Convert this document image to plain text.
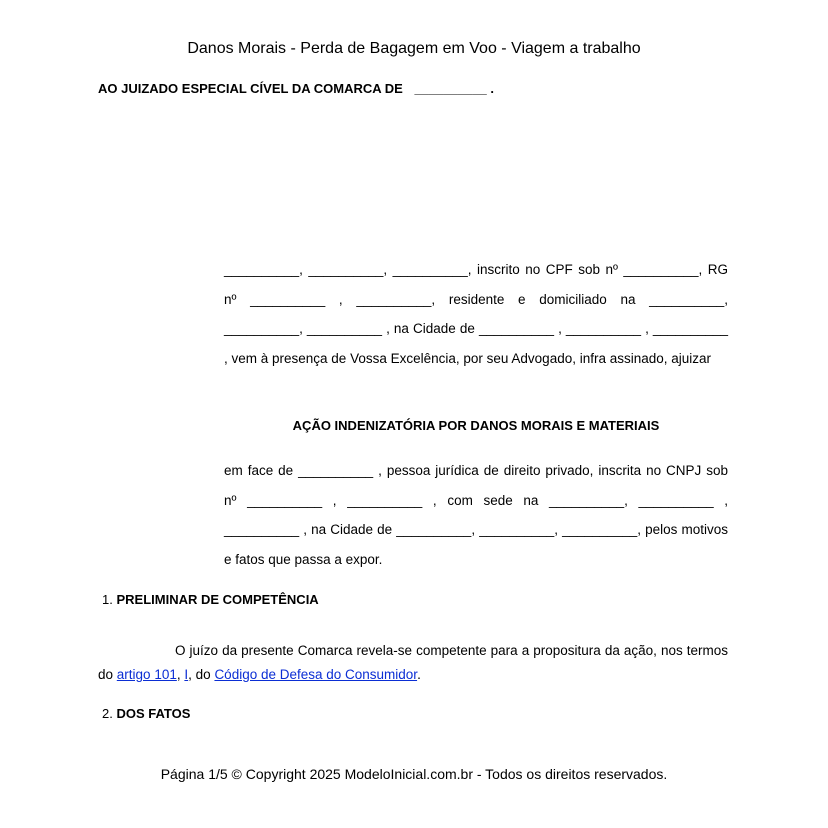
Danos Morais - Perda de Bagagem em Voo - Viagem a trabalho
AO JUIZADO ESPECIAL CÍVEL DA COMARCA DE __________ .
__________, __________, __________, inscrito no CPF sob nº __________, RG nº __________ , __________, residente e domiciliado na __________, __________, __________ , na Cidade de __________ , __________ , __________ , vem à presença de Vossa Excelência, por seu Advogado, infra assinado, ajuizar
AÇÃO INDENIZATÓRIA POR DANOS MORAIS E MATERIAIS
em face de __________ , pessoa jurídica de direito privado, inscrita no CNPJ sob nº __________ , __________ , com sede na __________, __________ , __________ , na Cidade de __________, __________, __________, pelos motivos e fatos que passa a expor.
1. PRELIMINAR DE COMPETÊNCIA
O juízo da presente Comarca revela-se competente para a propositura da ação, nos termos do artigo 101, I, do Código de Defesa do Consumidor.
2. DOS FATOS
Página 1/5 © Copyright 2025 ModeloInicial.com.br - Todos os direitos reservados.
